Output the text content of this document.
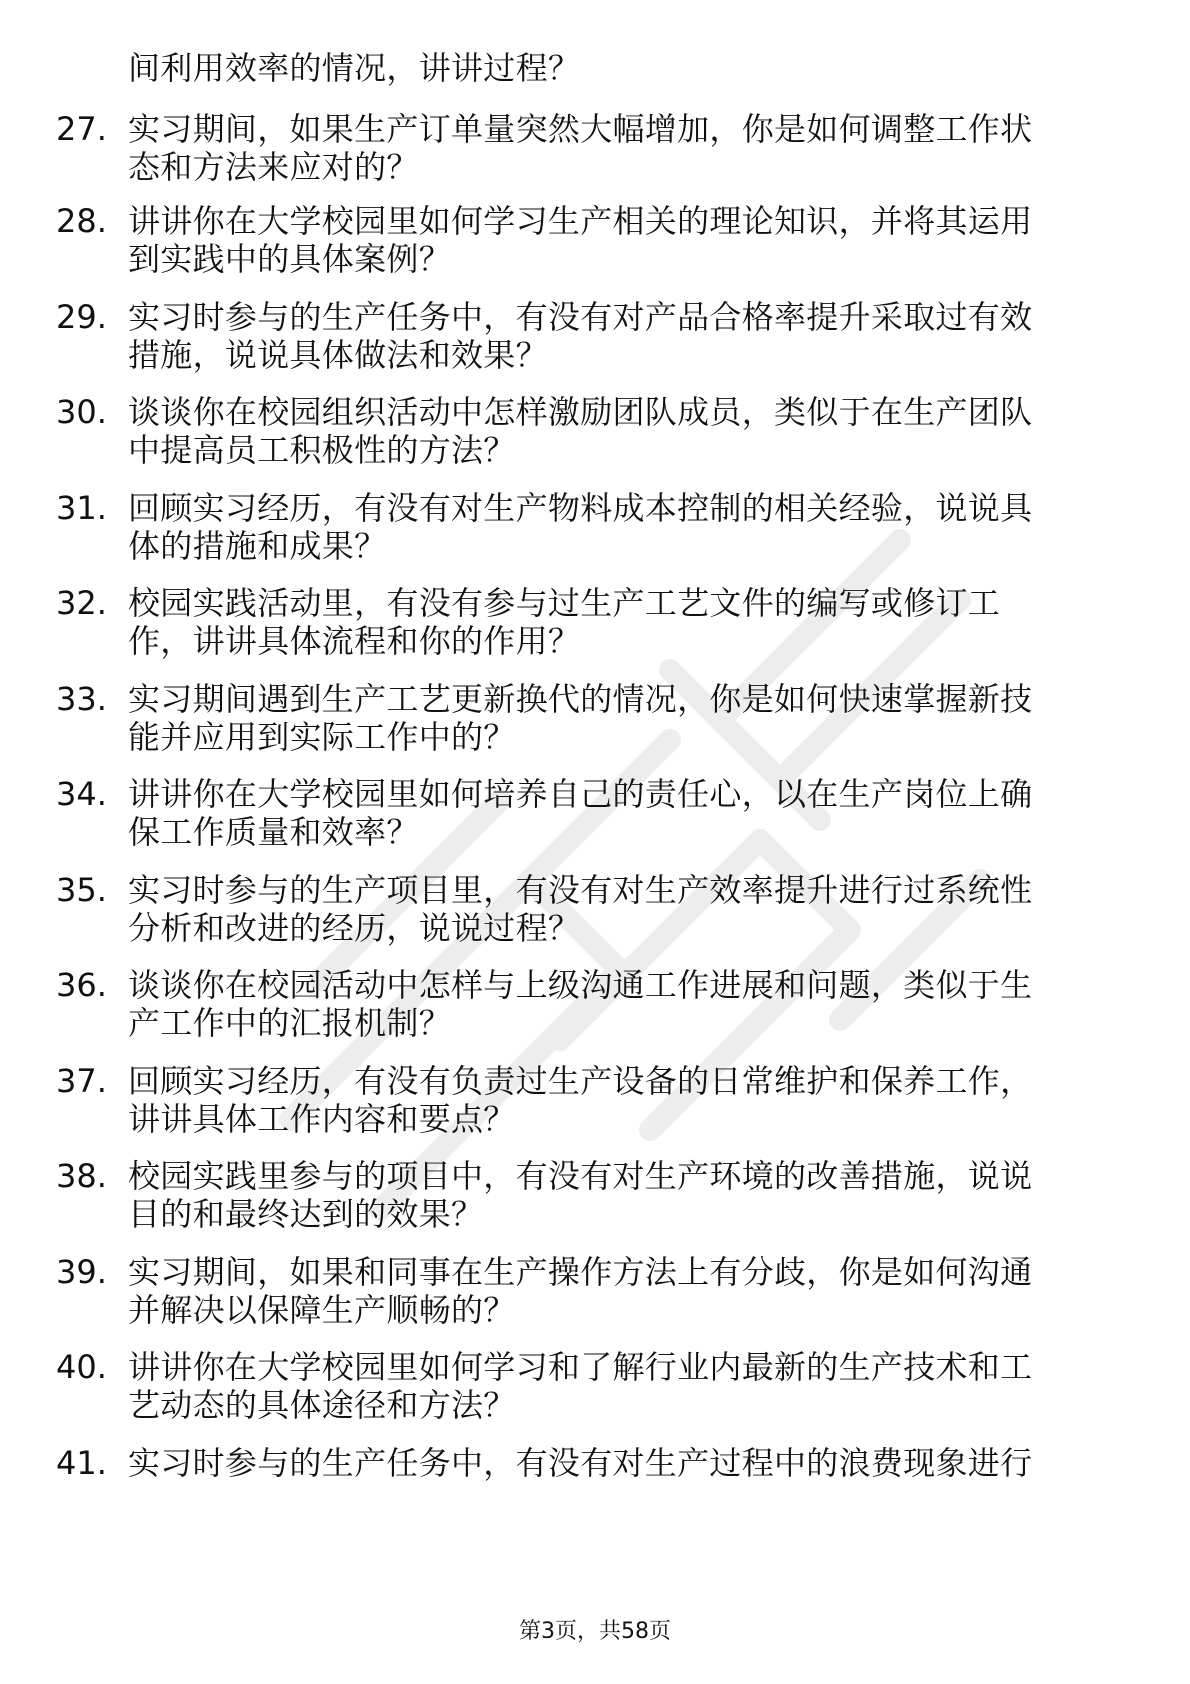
间利用效率的情况，讲讲过程？
27. 实习期间，如果生产订单量突然大幅增加，你是如何调整工作状
态和方法来应对的？
28. 讲讲你在大学校园里如何学习生产相关的理论知识，并将其运用
到实践中的具体案例？
29. 实习时参与的生产任务中，有没有对产品合格率提升采取过有效
措施，说说具体做法和效果？
30. 谈谈你在校园组织活动中怎样激励团队成员，类似于在生产团队
中提高员工积极性的方法？
31. 回顾实习经历，有没有对生产物料成本控制的相关经验，说说具
体的措施和成果？
32. 校园实践活动里，有没有参与过生产工艺文件的编写或修订工
作，讲讲具体流程和你的作用？
33. 实习期间遇到生产工艺更新换代的情况，你是如何快速掌握新技
能并应用到实际工作中的？
34. 讲讲你在大学校园里如何培养自己的责任心，以在生产岗位上确
保工作质量和效率？
35. 实习时参与的生产项目里，有没有对生产效率提升进行过系统性
分析和改进的经历，说说过程？
36. 谈谈你在校园活动中怎样与上级沟通工作进展和问题，类似于生
产工作中的汇报机制？
37. 回顾实习经历，有没有负责过生产设备的日常维护和保养工作，
讲讲具体工作内容和要点？
38. 校园实践里参与的项目中，有没有对生产环境的改善措施，说说
目的和最终达到的效果？
39. 实习期间，如果和同事在生产操作方法上有分歧，你是如何沟通
并解决以保障生产顺畅的？
40. 讲讲你在大学校园里如何学习和了解行业内最新的生产技术和工
艺动态的具体途径和方法？
41. 实习时参与的生产任务中，有没有对生产过程中的浪费现象进行
第3页，共58页
